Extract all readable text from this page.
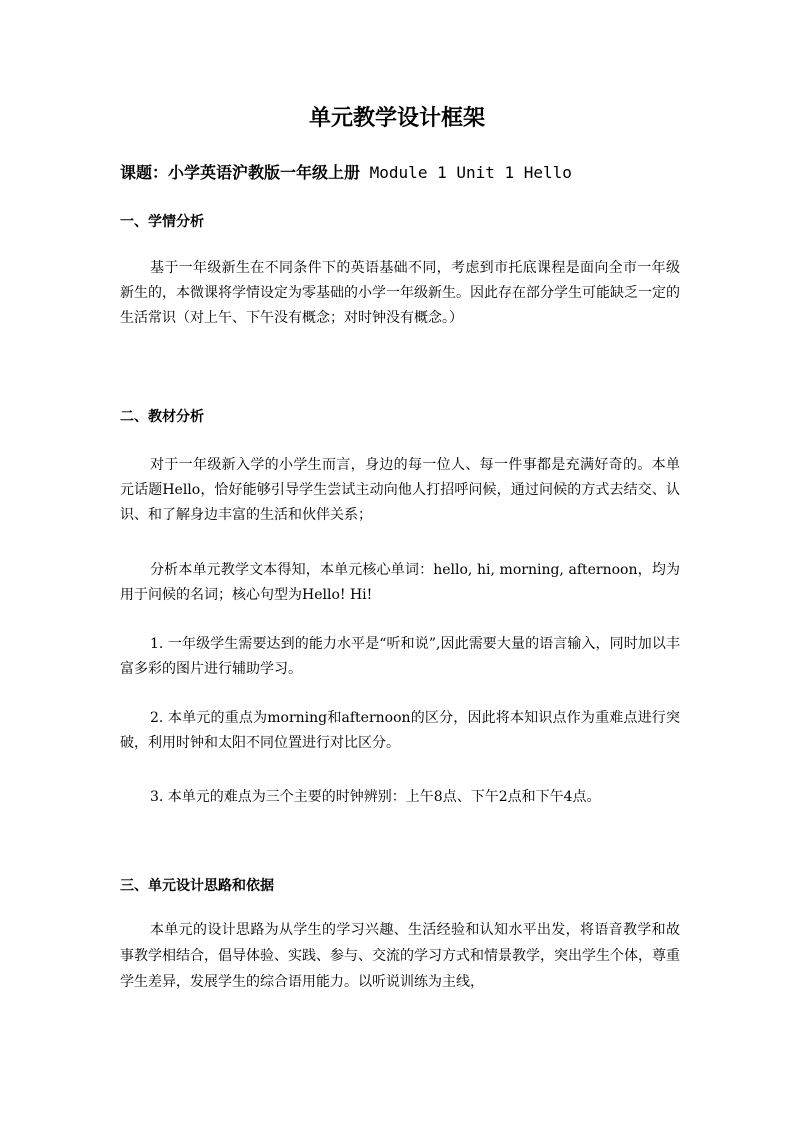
单元教学设计框架
课题：小学英语沪教版一年级上册 Module 1 Unit 1 Hello
一、学情分析
基于一年级新生在不同条件下的英语基础不同，考虑到市托底课程是面向全市一年级新生的，本微课将学情设定为零基础的小学一年级新生。因此存在部分学生可能缺乏一定的生活常识（对上午、下午没有概念；对时钟没有概念。）
二、教材分析
对于一年级新入学的小学生而言，身边的每一位人、每一件事都是充满好奇的。本单元话题Hello，恰好能够引导学生尝试主动向他人打招呼问候，通过问候的方式去结交、认识、和了解身边丰富的生活和伙伴关系；
分析本单元教学文本得知，本单元核心单词：hello, hi, morning, afternoon，均为用于问候的名词；核心句型为Hello! Hi!
1. 一年级学生需要达到的能力水平是“听和说”,因此需要大量的语言输入，同时加以丰富多彩的图片进行辅助学习。
2. 本单元的重点为morning和afternoon的区分，因此将本知识点作为重难点进行突破，利用时钟和太阳不同位置进行对比区分。
3. 本单元的难点为三个主要的时钟辨别：上午8点、下午2点和下午4点。
三、单元设计思路和依据
本单元的设计思路为从学生的学习兴趣、生活经验和认知水平出发，将语音教学和故事教学相结合，倡导体验、实践、参与、交流的学习方式和情景教学，突出学生个体，尊重学生差异，发展学生的综合语用能力。以听说训练为主线，
